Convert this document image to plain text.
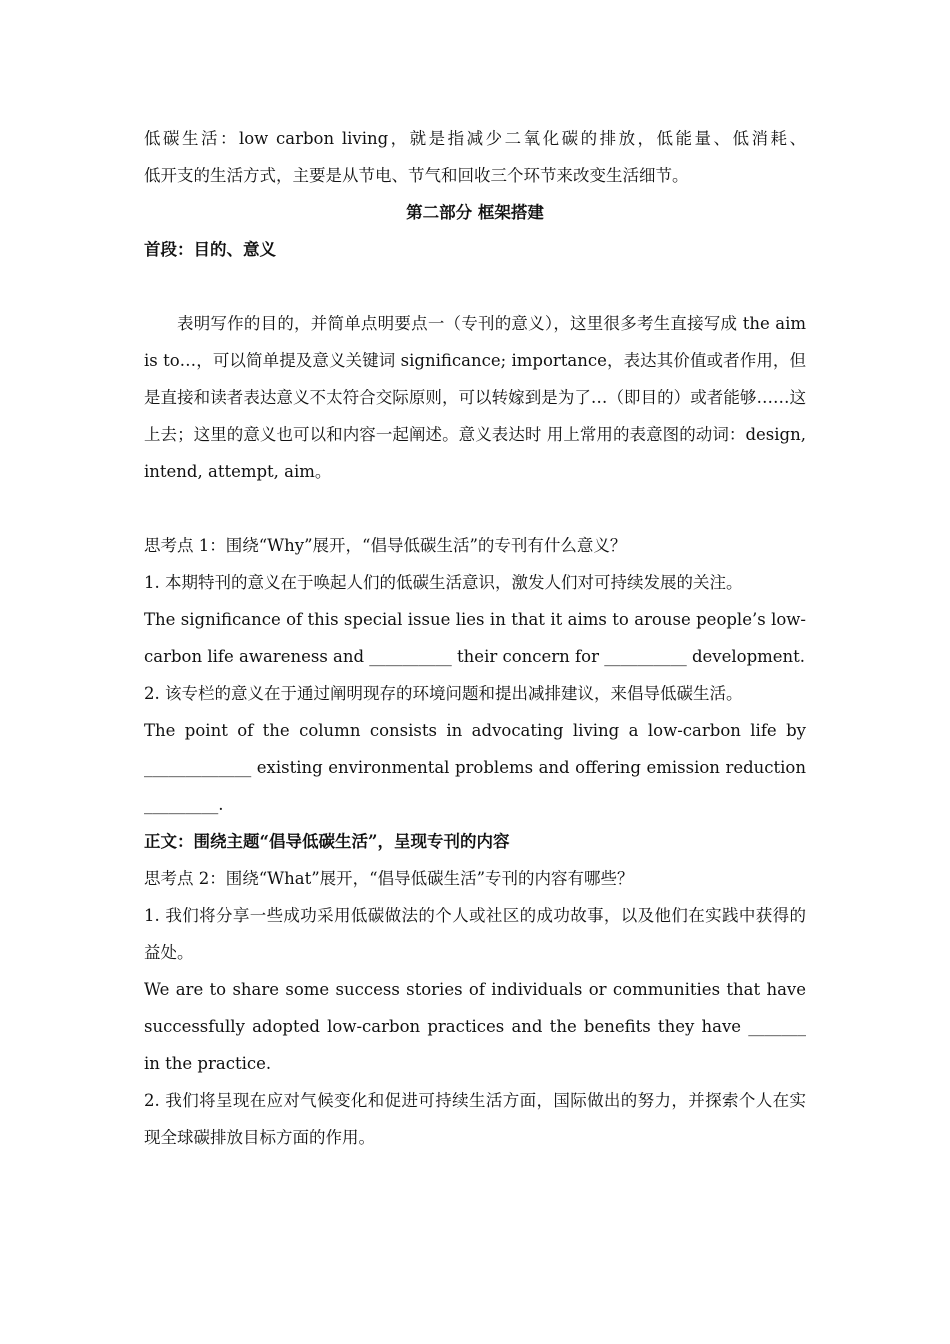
低碳生活：low carbon living，就是指减少二氧化碳的排放，低能量、低消耗、

低开支的生活方式，主要是从节电、节气和回收三个环节来改变生活细节。

第二部分 框架搭建

首段：目的、意义

表明写作的目的，并简单点明要点一（专刊的意义），这里很多考生直接写成 the aim is to…，可以简单提及意义关键词 significance; importance，表达其价值或者作用，但是直接和读者表达意义不太符合交际原则，可以转嫁到是为了…（即目的）或者能够……这上去；这里的意义也可以和内容一起阐述。意义表达时 用上常用的表意图的动词：design, intend, attempt, aim。

思考点 1：围绕“Why”展开，“倡导低碳生活”的专刊有什么意义？

1. 本期特刊的意义在于唤起人们的低碳生活意识，激发人们对可持续发展的关注。

The significance of this special issue lies in that it aims to arouse people’s low-carbon life awareness and __________ their concern for __________ development.

2. 该专栏的意义在于通过阐明现存的环境问题和提出减排建议，来倡导低碳生活。

The point of the column consists in advocating living a low-carbon life by _____________ existing environmental problems and offering emission reduction _________.

正文：围绕主题“倡导低碳生活”，呈现专刊的内容

思考点 2：围绕“What”展开，“倡导低碳生活”专刊的内容有哪些？

1. 我们将分享一些成功采用低碳做法的个人或社区的成功故事，以及他们在实践中获得的益处。

We are to share some success stories of individuals or communities that have successfully adopted low-carbon practices and the benefits they have _______ in the practice.

2. 我们将呈现在应对气候变化和促进可持续生活方面，国际做出的努力，并探索个人在实现全球碳排放目标方面的作用。
